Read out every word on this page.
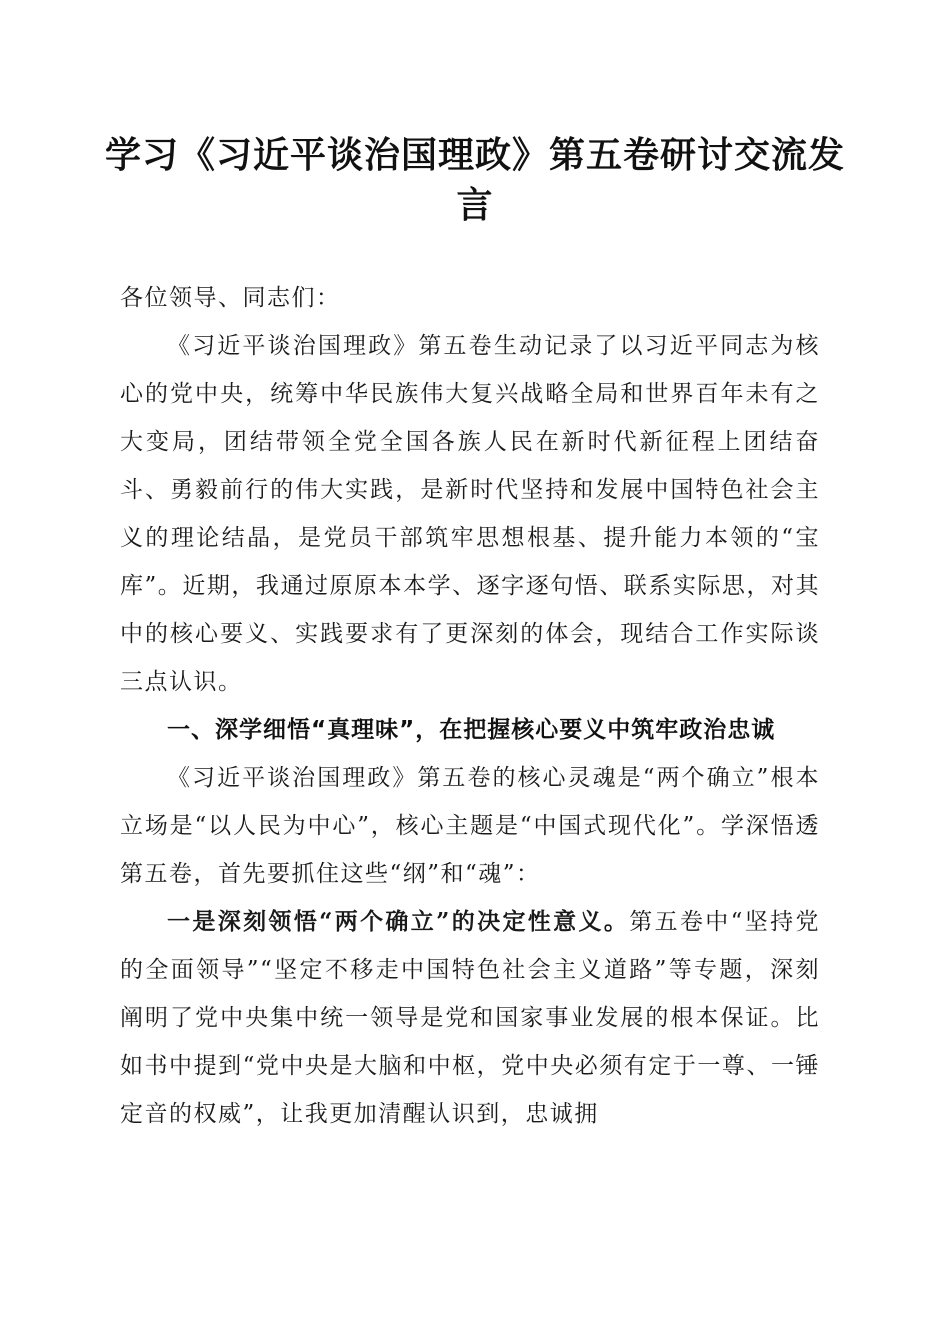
学习《习近平谈治国理政》第五卷研讨交流发言

各位领导、同志们：

《习近平谈治国理政》第五卷生动记录了以习近平同志为核心的党中央，统筹中华民族伟大复兴战略全局和世界百年未有之大变局，团结带领全党全国各族人民在新时代新征程上团结奋斗、勇毅前行的伟大实践，是新时代坚持和发展中国特色社会主义的理论结晶，是党员干部筑牢思想根基、提升能力本领的“宝库”。近期，我通过原原本本学、逐字逐句悟、联系实际思，对其中的核心要义、实践要求有了更深刻的体会，现结合工作实际谈三点认识。

一、深学细悟“真理味”，在把握核心要义中筑牢政治忠诚

《习近平谈治国理政》第五卷的核心灵魂是“两个确立”根本立场是“以人民为中心”，核心主题是“中国式现代化”。学深悟透第五卷，首先要抓住这些“纲”和“魂”：

一是深刻领悟“两个确立”的决定性意义。第五卷中“坚持党的全面领导”“坚定不移走中国特色社会主义道路”等专题，深刻阐明了党中央集中统一领导是党和国家事业发展的根本保证。比如书中提到“党中央是大脑和中枢，党中央必须有定于一尊、一锤定音的权威”，让我更加清醒认识到，忠诚拥
